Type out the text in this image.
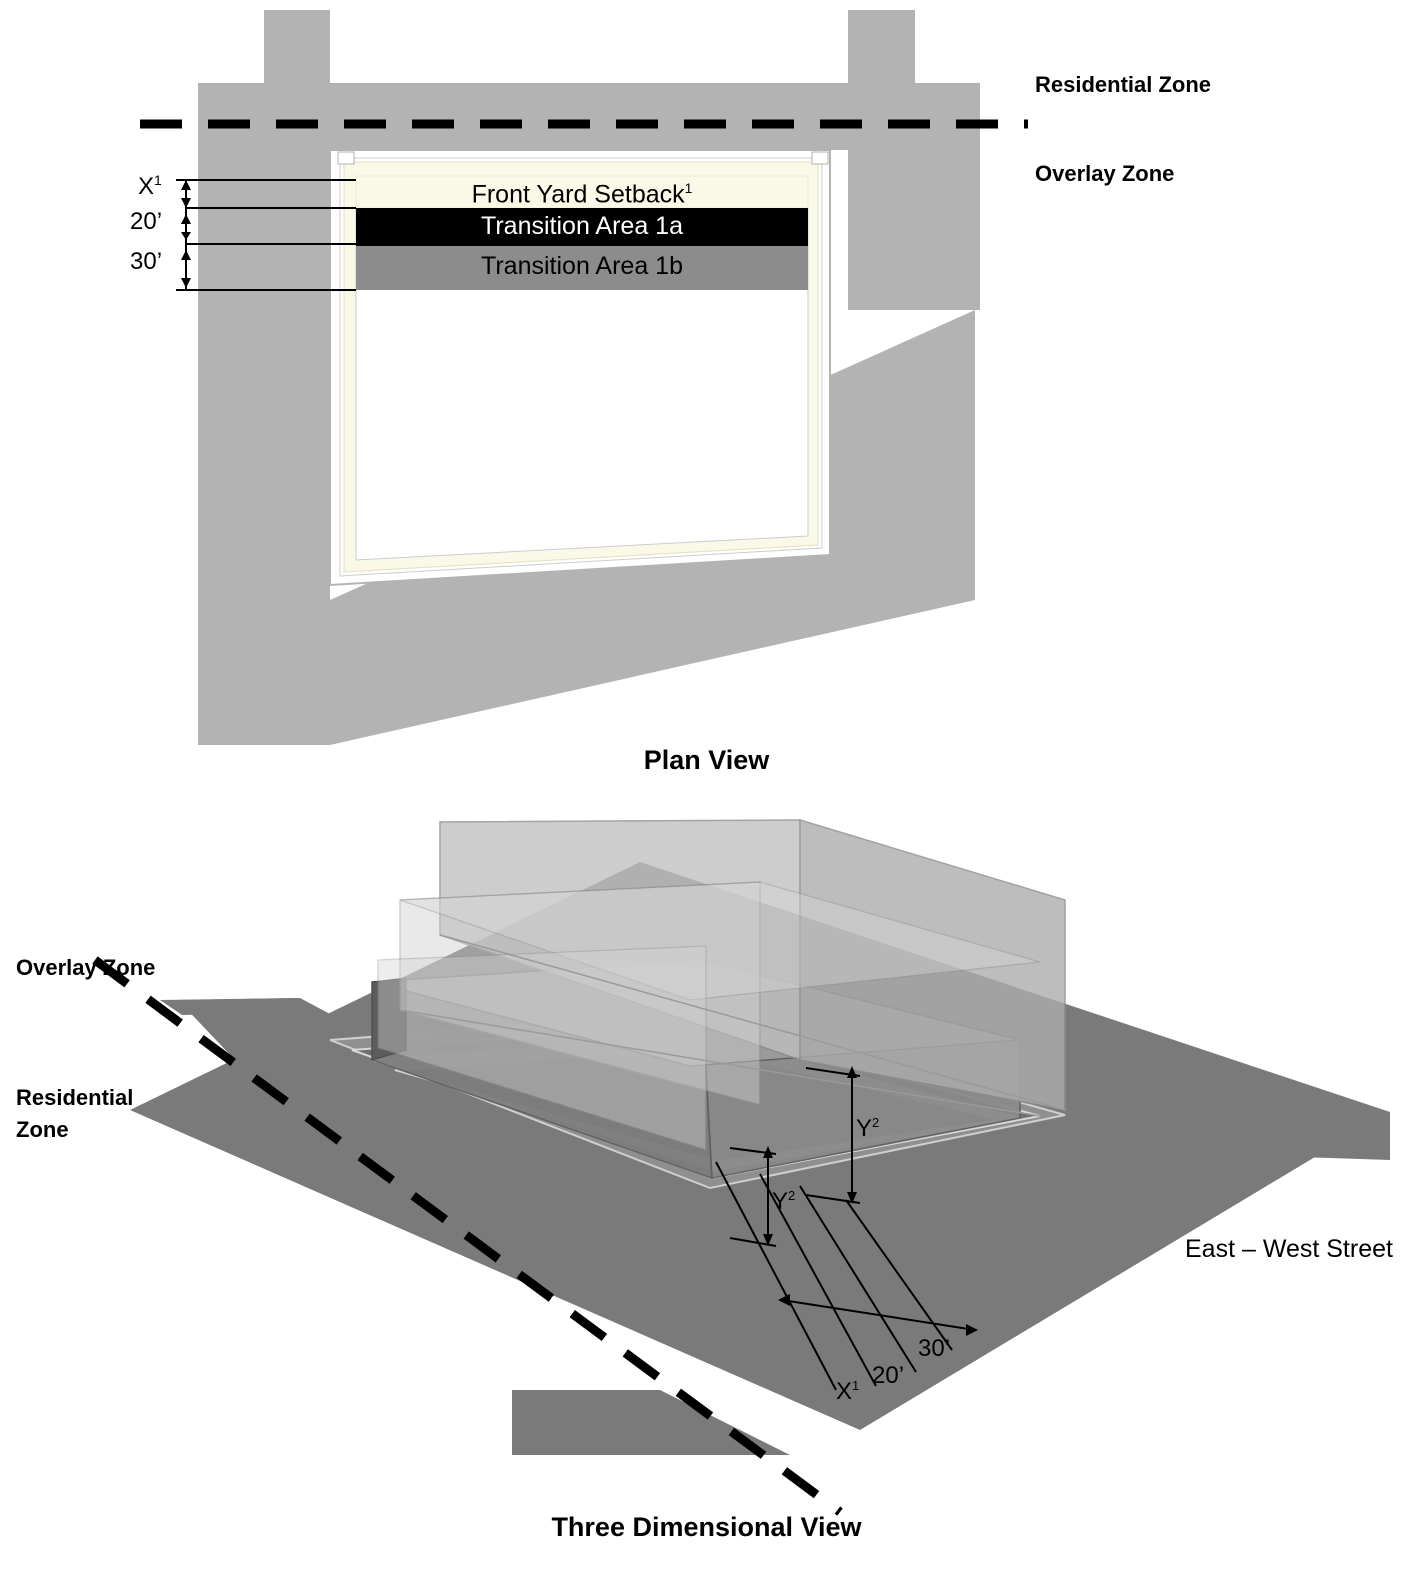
Residential Zone
Overlay Zone
$X^1$
20’
30’
Front Yard Setback$^1$
Transition Area 1a
Transition Area 1b
Plan View
Overlay Zone
Residential
Zone	$Y^2$
$Y^2$
30’
20’
$X^1$
East – West Street
Three Dimensional View
